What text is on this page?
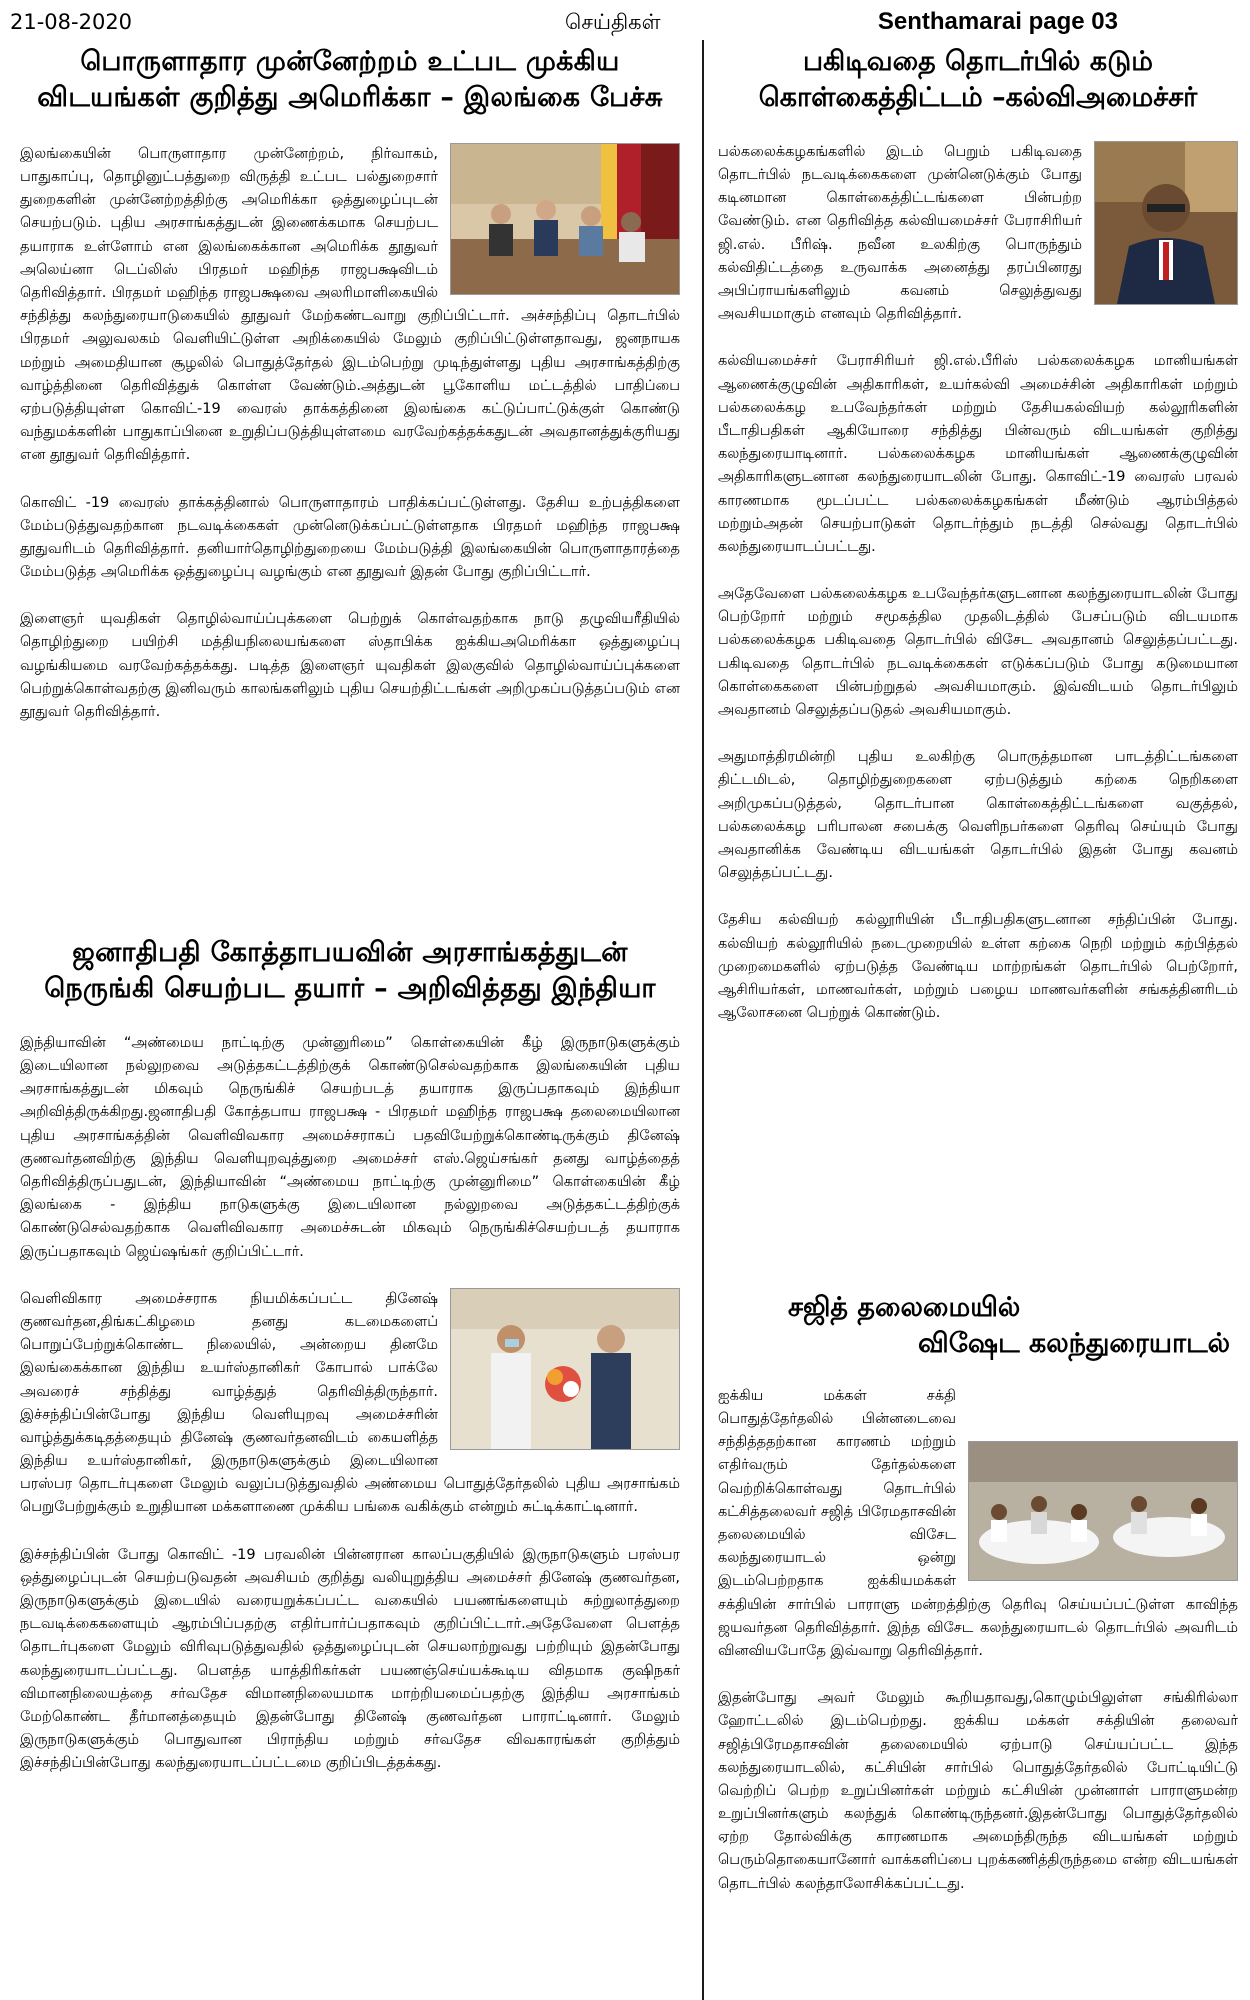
21-08-2020	செய்திகள்	Senthamarai page 03
பொருளாதார முன்னேற்றம் உட்பட முக்கிய விடயங்கள் குறித்து அமெரிக்கா – இலங்கை பேச்சு

இலங்கையின் பொருளாதார முன்னேற்றம், நிர்வாகம், பாதுகாப்பு, தொழினுட்பத்துறை விருத்தி உட்பட பல்துறைசார் துறைகளின் முன்னேற்றத்திற்கு அமெரிக்கா ஒத்துழைப்புடன் செயற்படும். புதிய அரசாங்கத்துடன் இணைக்கமாக செயற்பட தயாராக உள்ளோம் என இலங்கைக்கான அமெரிக்க தூதுவர் அலெய்னா டெப்லிஸ் பிரதமர் மஹிந்த ராஜபக்ஷவிடம் தெரிவித்தார். பிரதமர் மஹிந்த ராஜபக்ஷவை அலரிமாளிகையில் சந்தித்து கலந்துரையாடுகையில் தூதுவர் மேற்கண்டவாறு குறிப்பிட்டார். அச்சந்திப்பு தொடர்பில் பிரதமர் அலுவலகம் வெளியிட்டுள்ள அறிக்கையில் மேலும் குறிப்பிட்டுள்ளதாவது, ஜனநாயக மற்றும் அமைதியான சூழலில் பொதுத்தேர்தல் இடம்பெற்று முடிந்துள்ளது புதிய அரசாங்கத்திற்கு வாழ்த்தினை தெரிவித்துக் கொள்ள வேண்டும்.அத்துடன் பூகோளிய மட்டத்தில் பாதிப்பை ஏற்படுத்தியுள்ள கொவிட்-19 வைரஸ் தாக்கத்தினை இலங்கை கட்டுப்பாட்டுக்குள் கொண்டு வந்துமக்களின் பாதுகாப்பினை உறுதிப்படுத்தியுள்ளமை வரவேற்கத்தக்கதுடன் அவதானத்துக்குரியது என தூதுவர் தெரிவித்தார்.

கொவிட் -19 வைரஸ் தாக்கத்தினால் பொருளாதாரம் பாதிக்கப்பட்டுள்ளது. தேசிய உற்பத்திகளை மேம்படுத்துவதற்கான நடவடிக்கைகள் முன்னெடுக்கப்பட்டுள்ளதாக பிரதமர் மஹிந்த ராஜபக்ஷ தூதுவரிடம் தெரிவித்தார். தனியார்தொழிற்துறையை மேம்படுத்தி இலங்கையின் பொருளாதாரத்தை மேம்படுத்த அமெரிக்க ஒத்துழைப்பு வழங்கும் என தூதுவர் இதன் போது குறிப்பிட்டார்.

இளைஞர் யுவதிகள் தொழில்வாய்ப்புக்களை பெற்றுக் கொள்வதற்காக நாடு தழுவியரீதியில் தொழிற்துறை பயிற்சி மத்தியநிலையங்களை ஸ்தாபிக்க ஐக்கியஅமெரிக்கா ஒத்துழைப்பு வழங்கியமை வரவேற்கத்தக்கது. படித்த இளைஞர் யுவதிகள் இலகுவில் தொழில்வாய்ப்புக்களை பெற்றுக்கொள்வதற்கு இனிவரும் காலங்களிலும் புதிய செயற்திட்டங்கள் அறிமுகப்படுத்தப்படும் என தூதுவர் தெரிவித்தார்.

ஜனாதிபதி கோத்தாபயவின் அரசாங்கத்துடன் நெருங்கி செயற்பட தயார் – அறிவித்தது இந்தியா

இந்தியாவின் “அண்மைய நாட்டிற்கு முன்னுரிமை” கொள்கையின் கீழ் இருநாடுகளுக்கும் இடையிலான நல்லுறவை அடுத்தகட்டத்திற்குக் கொண்டுசெல்வதற்காக இலங்கையின் புதிய அரசாங்கத்துடன் மிகவும் நெருங்கிச் செயற்படத் தயாராக இருப்பதாகவும் இந்தியா அறிவித்திருக்கிறது.ஜனாதிபதி கோத்தபாய ராஜபக்ஷ - பிரதமர் மஹிந்த ராஜபக்ஷ தலைமையிலான புதிய அரசாங்கத்தின் வெளிவிவகார அமைச்சராகப் பதவியேற்றுக்கொண்டிருக்கும் தினேஷ் குணவர்தனவிற்கு இந்திய வெளியுறவுத்துறை அமைச்சர் எஸ்.ஜெய்சங்கர் தனது வாழ்த்தைத் தெரிவித்திருப்பதுடன், இந்தியாவின் “அண்மைய நாட்டிற்கு முன்னுரிமை” கொள்கையின் கீழ் இலங்கை - இந்திய நாடுகளுக்கு இடையிலான நல்லுறவை அடுத்தகட்டத்திற்குக் கொண்டுசெல்வதற்காக வெளிவிவகார அமைச்சுடன் மிகவும் நெருங்கிச்செயற்படத் தயாராக இருப்பதாகவும் ஜெய்ஷங்கர் குறிப்பிட்டார்.

வெளிவிகார அமைச்சராக நியமிக்கப்பட்ட தினேஷ் குணவர்தன,திங்கட்கிழமை தனது கடமைகளைப் பொறுப்பேற்றுக்கொண்ட நிலையில், அன்றைய தினமே இலங்கைக்கான இந்திய உயர்ஸ்தானிகர் கோபால் பாக்லே அவரைச் சந்தித்து வாழ்த்துத் தெரிவித்திருந்தார். இச்சந்திப்பின்போது இந்திய வெளியுறவு அமைச்சரின் வாழ்த்துக்கடிதத்தையும் தினேஷ் குணவர்தனவிடம் கையளித்த இந்திய உயர்ஸ்தானிகர், இருநாடுகளுக்கும் இடையிலான பரஸ்பர தொடர்புகளை மேலும் வலுப்படுத்துவதில் அண்மைய பொதுத்தேர்தலில் புதிய அரசாங்கம் பெறுபேற்றுக்கும் உறுதியான மக்களாணை முக்கிய பங்கை வகிக்கும் என்றும் சுட்டிக்காட்டினார்.

இச்சந்திப்பின் போது கொவிட் -19 பரவலின் பின்னரான காலப்பகுதியில் இருநாடுகளும் பரஸ்பர ஒத்துழைப்புடன் செயற்படுவதன் அவசியம் குறித்து வலியுறுத்திய அமைச்சர் தினேஷ் குணவர்தன, இருநாடுகளுக்கும் இடையில் வரையறுக்கப்பட்ட வகையில் பயணங்களையும் சுற்றுலாத்துறை நடவடிக்கைகளையும் ஆரம்பிப்பதற்கு எதிர்பார்ப்பதாகவும் குறிப்பிட்டார்.அதேவேளை பௌத்த தொடர்புகளை மேலும் விரிவுபடுத்துவதில் ஒத்துழைப்புடன் செயலாற்றுவது பற்றியும் இதன்போது கலந்துரையாடப்பட்டது. பௌத்த யாத்திரிகர்கள் பயணஞ்செய்யக்கூடிய விதமாக குஷிநகர் விமானநிலையத்தை சர்வதேச விமானநிலையமாக மாற்றியமைப்பதற்கு இந்திய அரசாங்கம் மேற்கொண்ட தீர்மானத்தையும் இதன்போது தினேஷ் குணவர்தன பாராட்டினார். மேலும் இருநாடுகளுக்கும் பொதுவான பிராந்திய மற்றும் சர்வதேச விவகாரங்கள் குறித்தும் இச்சந்திப்பின்போது கலந்துரையாடப்பட்டமை குறிப்பிடத்தக்கது.

பகிடிவதை தொடர்பில் கடும் கொள்கைத்திட்டம் –கல்விஅமைச்சர்

பல்கலைக்கழகங்களில் இடம் பெறும் பகிடிவதை தொடர்பில் நடவடிக்கைகளை முன்னெடுக்கும் போது கடினமான கொள்கைத்திட்டங்களை பின்பற்ற வேண்டும். என தெரிவித்த கல்வியமைச்சர் பேராசிரியர் ஜி.எல். பீரிஷ். நவீன உலகிற்கு பொருந்தும் கல்விதிட்டத்தை உருவாக்க அனைத்து தரப்பினரது அபிப்ராயங்களிலும் கவனம் செலுத்துவது அவசியமாகும் எனவும் தெரிவித்தார்.

கல்வியமைச்சர் பேராசிரியர் ஜி.எல்.பீரிஸ் பல்கலைக்கழக மானியங்கள் ஆணைக்குழுவின் அதிகாரிகள், உயர்கல்வி அமைச்சின் அதிகாரிகள் மற்றும் பல்கலைக்கழ உபவேந்தர்கள் மற்றும் தேசியகல்வியற் கல்லூரிகளின் பீடாதிபதிகள் ஆகியோரை சந்தித்து பின்வரும் விடயங்கள் குறித்து கலந்துரையாடினார். பல்கலைக்கழக மானியங்கள் ஆணைக்குழுவின் அதிகாரிகளுடனான கலந்துரையாடலின் போது. கொவிட்-19 வைரஸ் பரவல் காரணமாக மூடப்பட்ட பல்கலைக்கழகங்கள் மீண்டும் ஆரம்பித்தல் மற்றும்அதன் செயற்பாடுகள் தொடர்ந்தும் நடத்தி செல்வது தொடர்பில் கலந்துரையாடப்பட்டது.

அதேவேளை பல்கலைக்கழக உபவேந்தர்களுடனான கலந்துரையாடலின் போது பெற்றோர் மற்றும் சமூகத்தில முதலிடத்தில் பேசப்படும் விடயமாக பல்கலைக்கழக பகிடிவதை தொடர்பில் விசேட அவதானம் செலுத்தப்பட்டது. பகிடிவதை தொடர்பில் நடவடிக்கைகள் எடுக்கப்படும் போது கடுமையான கொள்கைகளை பின்பற்றுதல் அவசியமாகும். இவ்விடயம் தொடர்பிலும் அவதானம் செலுத்தப்படுதல் அவசியமாகும்.

அதுமாத்திரமின்றி புதிய உலகிற்கு பொருத்தமான பாடத்திட்டங்களை திட்டமிடல், தொழிற்துறைகளை ஏற்படுத்தும் கற்கை நெறிகளை அறிமுகப்படுத்தல், தொடர்பான கொள்கைத்திட்டங்களை வகுத்தல், பல்கலைக்கழ பரிபாலன சபைக்கு வெளிநபர்களை தெரிவு செய்யும் போது அவதானிக்க வேண்டிய விடயங்கள் தொடர்பில் இதன் போது கவனம் செலுத்தப்பட்டது.

தேசிய கல்வியற் கல்லூரியின் பீடாதிபதிகளுடனான சந்திப்பின் போது. கல்வியற் கல்லூரியில் நடைமுறையில் உள்ள கற்கை நெறி மற்றும் கற்பித்தல் முறைமைகளில் ஏற்படுத்த வேண்டிய மாற்றங்கள் தொடர்பில் பெற்றோர், ஆசிரியர்கள், மாணவர்கள், மற்றும் பழைய மாணவர்களின் சங்கத்தினரிடம் ஆலோசனை பெற்றுக் கொண்டும்.

சஜித் தலைமையில்
விஷேட கலந்துரையாடல்

ஐக்கிய மக்கள் சக்தி பொதுத்தேர்தலில் பின்னடைவை சந்தித்ததற்கான காரணம் மற்றும் எதிர்வரும் தேர்தல்களை வெற்றிக்கொள்வது தொடர்பில் கட்சித்தலைவர் சஜித் பிரேமதாசவின் தலைமையில் விசேட கலந்துரையாடல் ஒன்று இடம்பெற்றதாக ஐக்கியமக்கள் சக்தியின் சார்பில் பாராளு மன்றத்திற்கு தெரிவு செய்யப்பட்டுள்ள காவிந்த ஜயவர்தன தெரிவித்தார். இந்த விசேட கலந்துரையாடல் தொடர்பில் அவரிடம் வினவியபோதே இவ்வாறு தெரிவித்தார்.

இதன்போது அவர் மேலும் கூறியதாவது,கொழும்பிலுள்ள சங்கிரில்லா ஹோட்டலில் இடம்பெற்றது. ஐக்கிய மக்கள் சக்தியின் தலைவர் சஜித்பிரேமதாசவின் தலைமையில் ஏற்பாடு செய்யப்பட்ட இந்த கலந்துரையாடலில், கட்சியின் சார்பில் பொதுத்தேர்தலில் போட்டியிட்டு வெற்றிப் பெற்ற உறுப்பினர்கள் மற்றும் கட்சியின் முன்னாள் பாராளுமன்ற உறுப்பினர்களும் கலந்துக் கொண்டிருந்தனர்.இதன்போது பொதுத்தேர்தலில் ஏற்ற தோல்விக்கு காரணமாக அமைந்திருந்த விடயங்கள் மற்றும் பெரும்தொகையானோர் வாக்களிப்பை புறக்கணித்திருந்தமை என்ற விடயங்கள் தொடர்பில் கலந்தாலோசிக்கப்பட்டது.
